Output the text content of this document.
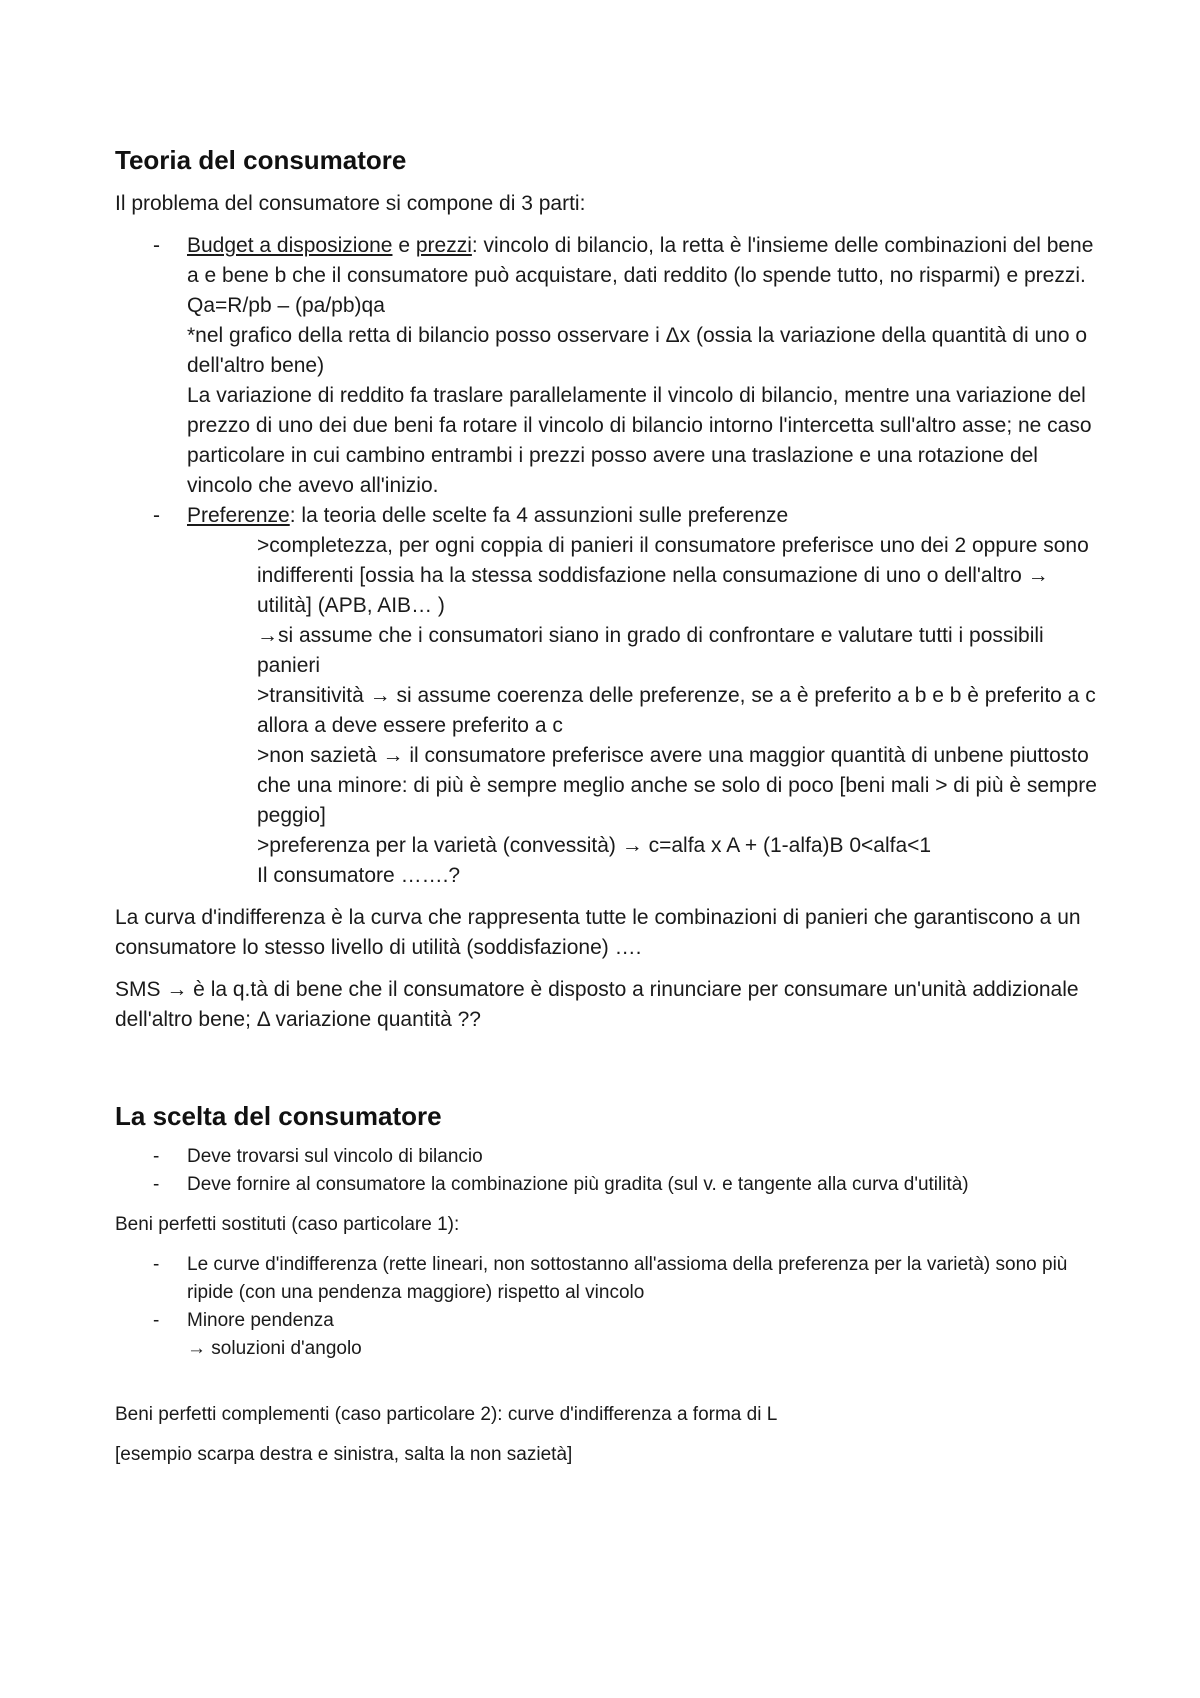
Teoria del consumatore

Il problema del consumatore si compone di 3 parti:

- Budget a disposizione e prezzi: vincolo di bilancio, la retta è l'insieme delle combinazioni del bene a e bene b che il consumatore può acquistare, dati reddito (lo spende tutto, no risparmi) e prezzi.
Qa=R/pb – (pa/pb)qa
*nel grafico della retta di bilancio posso osservare i Δx (ossia la variazione della quantità di uno o dell'altro bene)
La variazione di reddito fa traslare parallelamente il vincolo di bilancio, mentre una variazione del prezzo di uno dei due beni fa rotare il vincolo di bilancio intorno l'intercetta sull'altro asse; ne caso particolare in cui cambino entrambi i prezzi posso avere una traslazione e una rotazione del vincolo che avevo all'inizio.
- Preferenze: la teoria delle scelte fa 4 assunzioni sulle preferenze
>completezza, per ogni coppia di panieri il consumatore preferisce uno dei 2 oppure sono indifferenti [ossia ha la stessa soddisfazione nella consumazione di uno o dell'altro → utilità] (APB, AIB… )
→si assume che i consumatori siano in grado di confrontare e valutare tutti i possibili panieri
>transitività → si assume coerenza delle preferenze, se a è preferito a b e b è preferito a c allora a deve essere preferito a c
>non sazietà → il consumatore preferisce avere una maggior quantità di unbene piuttosto che una minore: di più è sempre meglio anche se solo di poco [beni mali > di più è sempre peggio]
>preferenza per la varietà (convessità) → c=alfa x A + (1-alfa)B 0<alfa<1
Il consumatore …….?

La curva d'indifferenza è la curva che rappresenta tutte le combinazioni di panieri che garantiscono a un consumatore lo stesso livello di utilità (soddisfazione) ….

SMS → è la q.tà di bene che il consumatore è disposto a rinunciare per consumare un'unità addizionale dell'altro bene; Δ variazione quantità ??

La scelta del consumatore
- Deve trovarsi sul vincolo di bilancio
- Deve fornire al consumatore la combinazione più gradita (sul v. e tangente alla curva d'utilità)

Beni perfetti sostituti (caso particolare 1):

- Le curve d'indifferenza (rette lineari, non sottostanno all'assioma della preferenza per la varietà) sono più ripide (con una pendenza maggiore) rispetto al vincolo
- Minore pendenza
→ soluzioni d'angolo

Beni perfetti complementi (caso particolare 2): curve d'indifferenza a forma di L

[esempio scarpa destra e sinistra, salta la non sazietà]
